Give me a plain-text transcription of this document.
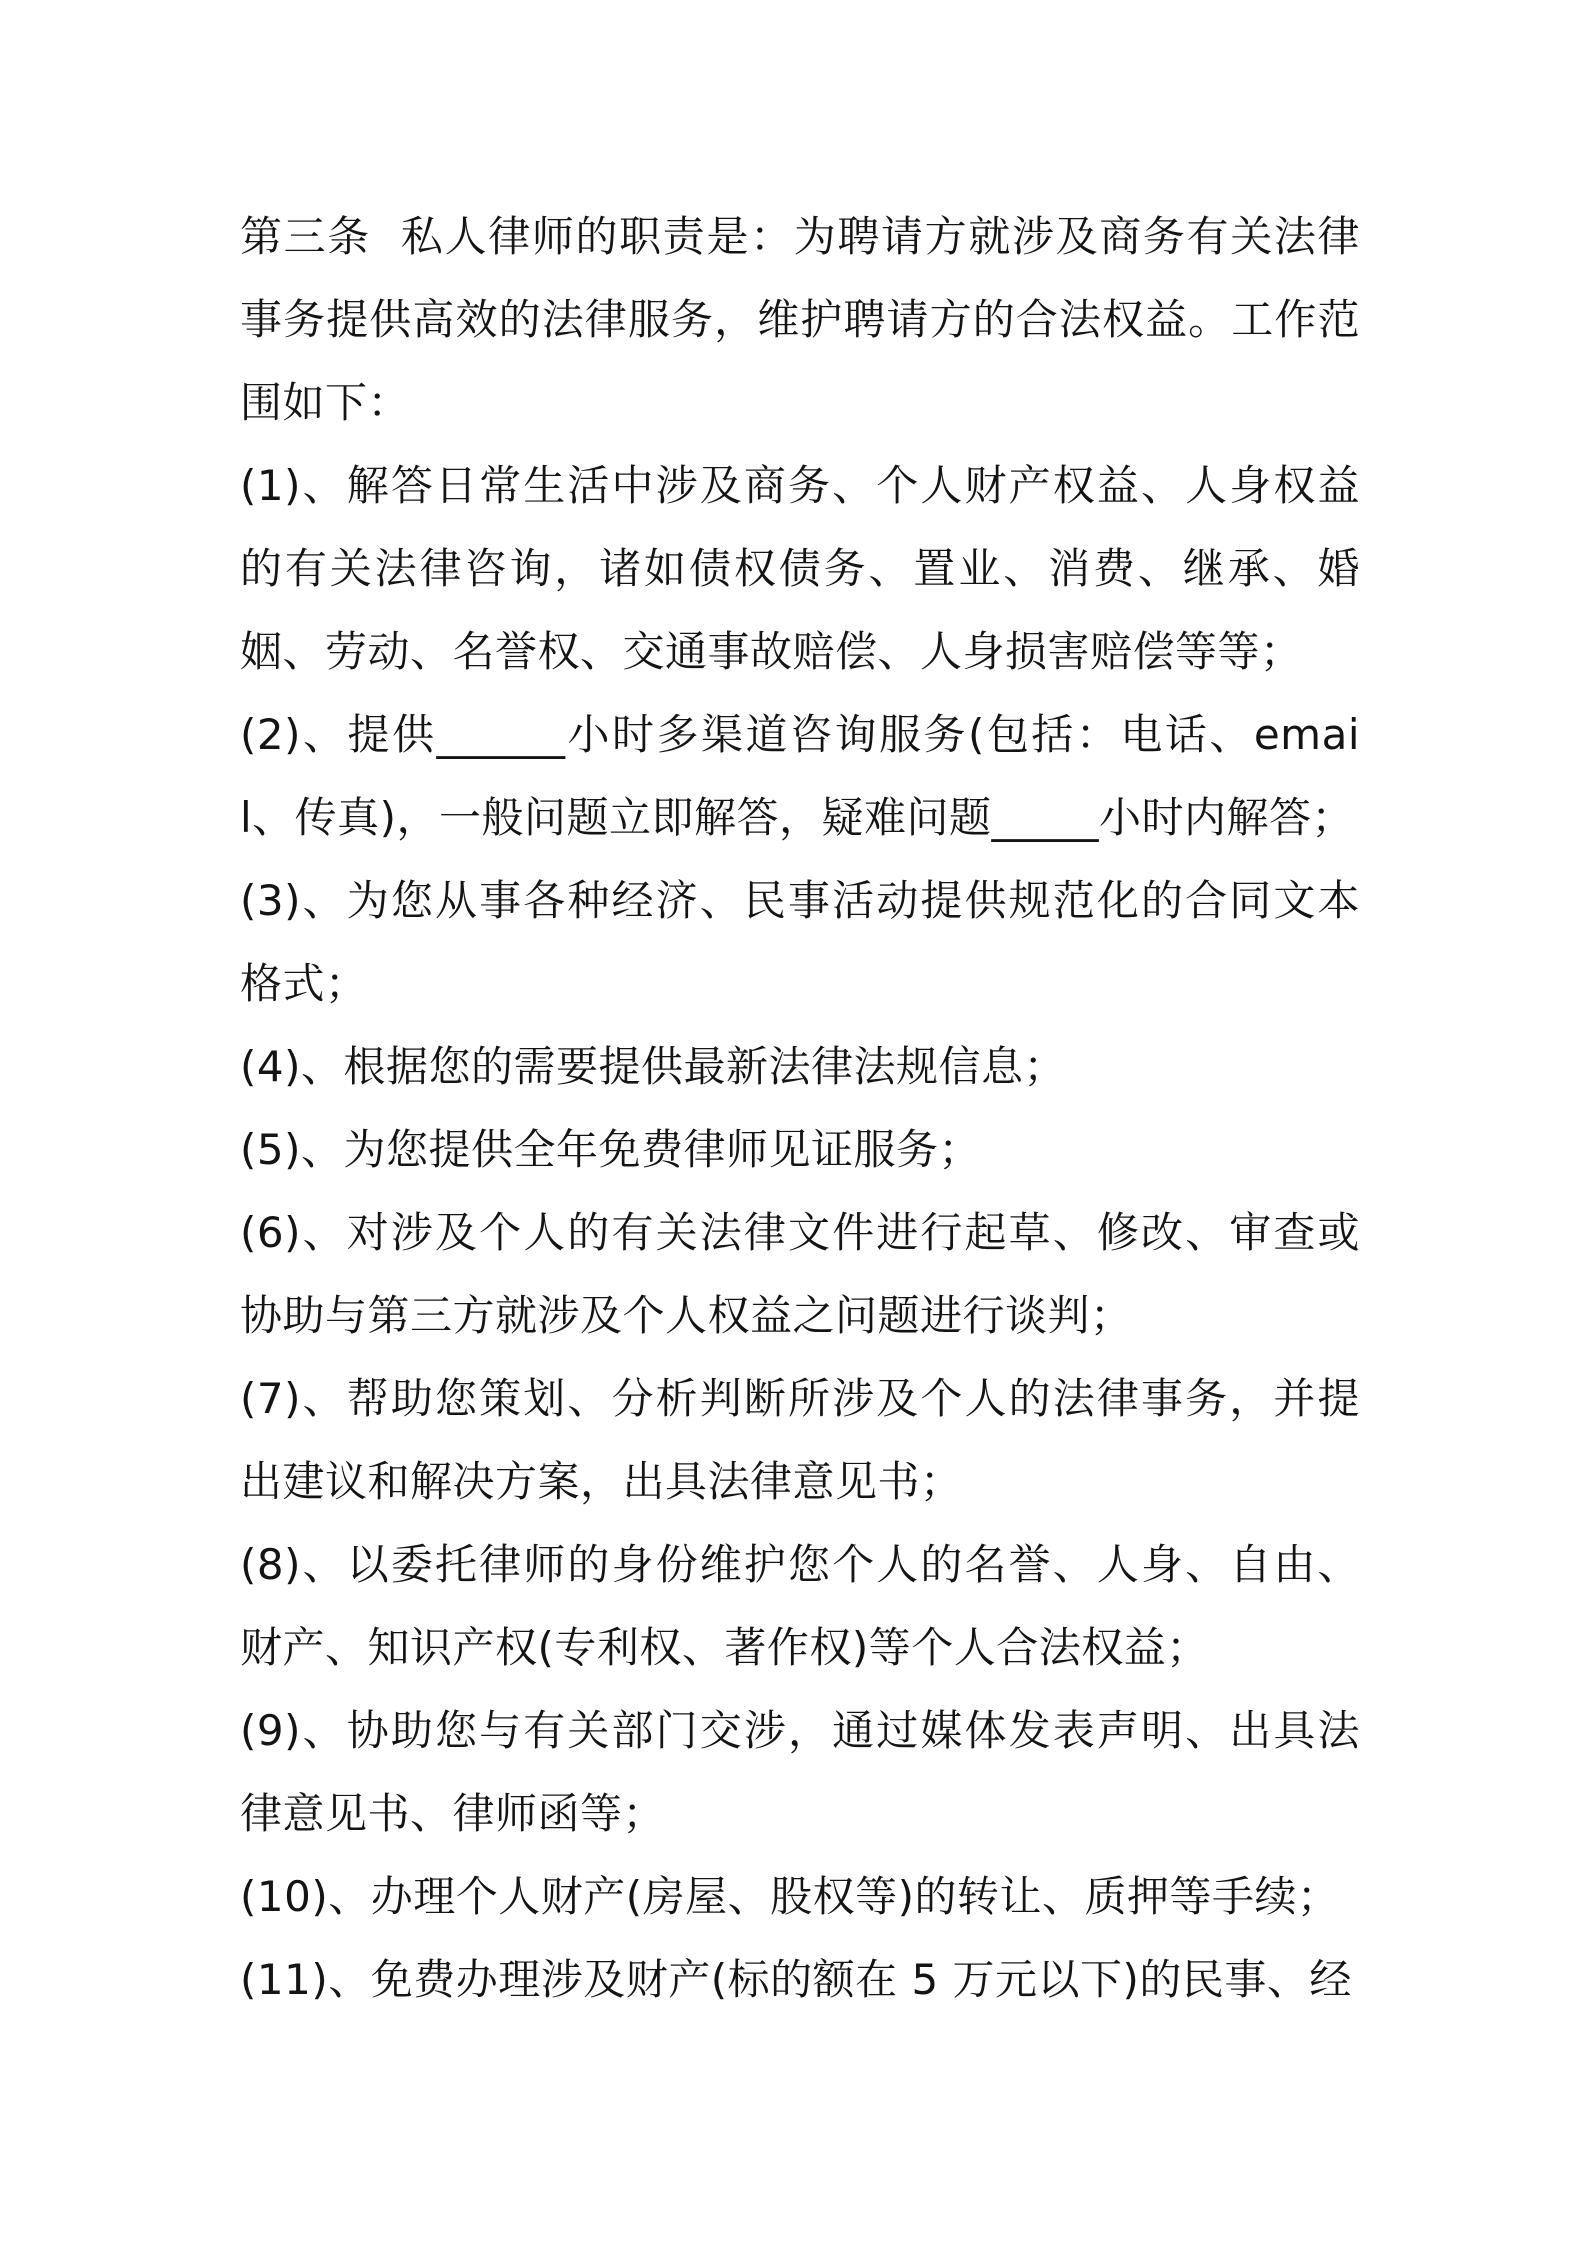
第三条  私人律师的职责是：为聘请方就涉及商务有关法律事务提供高效的法律服务，维护聘请方的合法权益。工作范围如下：

(1)、解答日常生活中涉及商务、个人财产权益、人身权益的有关法律咨询，诸如债权债务、置业、消费、继承、婚姻、劳动、名誉权、交通事故赔偿、人身损害赔偿等等；

(2)、提供______小时多渠道咨询服务(包括：电话、email、传真)，一般问题立即解答，疑难问题_____小时内解答；

(3)、为您从事各种经济、民事活动提供规范化的合同文本格式；

(4)、根据您的需要提供最新法律法规信息；

(5)、为您提供全年免费律师见证服务；

(6)、对涉及个人的有关法律文件进行起草、修改、审查或协助与第三方就涉及个人权益之问题进行谈判；

(7)、帮助您策划、分析判断所涉及个人的法律事务，并提出建议和解决方案，出具法律意见书；

(8)、以委托律师的身份维护您个人的名誉、人身、自由、财产、知识产权(专利权、著作权)等个人合法权益；

(9)、协助您与有关部门交涉，通过媒体发表声明、出具法律意见书、律师函等；

(10)、办理个人财产(房屋、股权等)的转让、质押等手续；

(11)、免费办理涉及财产(标的额在 5 万元以下)的民事、经
